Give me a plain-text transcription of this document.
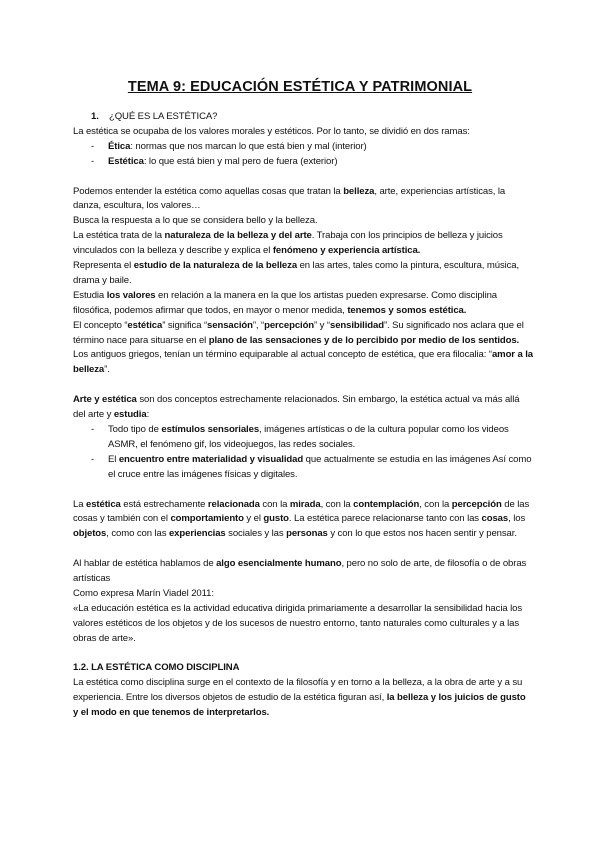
TEMA 9: EDUCACIÓN ESTÉTICA Y PATRIMONIAL

1. ¿QUÉ ES LA ESTÉTICA?

La estética se ocupaba de los valores morales y estéticos. Por lo tanto, se dividió en dos ramas:

- Ética: normas que nos marcan lo que está bien y mal (interior)
- Estética: lo que está bien y mal pero de fuera (exterior)

Podemos entender la estética como aquellas cosas que tratan la belleza, arte, experiencias artísticas, la danza, escultura, los valores…

Busca la respuesta a lo que se considera bello y la belleza.

La estética trata de la naturaleza de la belleza y del arte. Trabaja con los principios de belleza y juicios vinculados con la belleza y describe y explica el fenómeno y experiencia artística.

Representa el estudio de la naturaleza de la belleza en las artes, tales como la pintura, escultura, música, drama y baile.

Estudia los valores en relación a la manera en la que los artistas pueden expresarse. Como disciplina filosófica, podemos afirmar que todos, en mayor o menor medida, tenemos y somos estética.

El concepto “estética” significa “sensación”, “percepción” y “sensibilidad”. Su significado nos aclara que el término nace para situarse en el plano de las sensaciones y de lo percibido por medio de los sentidos. Los antiguos griegos, tenían un término equiparable al actual concepto de estética, que era filocalia: “amor a la belleza”.

Arte y estética son dos conceptos estrechamente relacionados. Sin embargo, la estética actual va más allá del arte y estudia:

- Todo tipo de estímulos sensoriales, imágenes artísticas o de la cultura popular como los videos ASMR, el fenómeno gif, los videojuegos, las redes sociales.
- El encuentro entre materialidad y visualidad que actualmente se estudia en las imágenes Así como el cruce entre las imágenes físicas y digitales.

La estética está estrechamente relacionada con la mirada, con la contemplación, con la percepción de las cosas y también con el comportamiento y el gusto. La estética parece relacionarse tanto con las cosas, los objetos, como con las experiencias sociales y las personas y con lo que estos nos hacen sentir y pensar.

Al hablar de estética hablamos de algo esencialmente humano, pero no solo de arte, de filosofía o de obras artísticas

Como expresa Marín Viadel 2011:

«La educación estética es la actividad educativa dirigida primariamente a desarrollar la sensibilidad hacia los valores estéticos de los objetos y de los sucesos de nuestro entorno, tanto naturales como culturales y a las obras de arte».

1.2. LA ESTÉTICA COMO DISCIPLINA

La estética como disciplina surge en el contexto de la filosofía y en torno a la belleza, a la obra de arte y a su experiencia. Entre los diversos objetos de estudio de la estética figuran así, la belleza y los juicios de gusto y el modo en que tenemos de interpretarlos.
